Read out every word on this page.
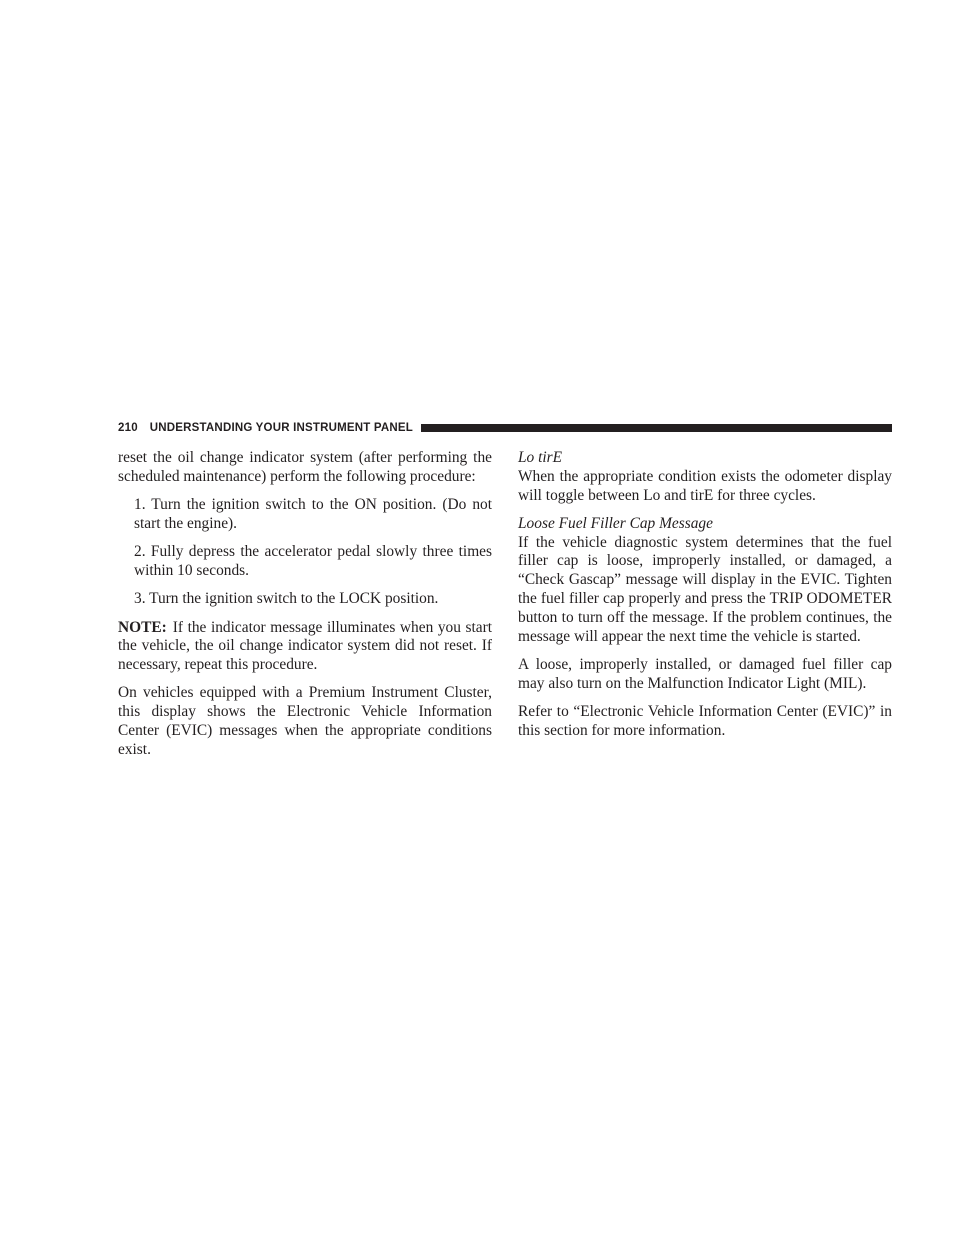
210 UNDERSTANDING YOUR INSTRUMENT PANEL

reset the oil change indicator system (after performing the scheduled maintenance) perform the following procedure:

1. Turn the ignition switch to the ON position. (Do not start the engine).

2. Fully depress the accelerator pedal slowly three times within 10 seconds.

3. Turn the ignition switch to the LOCK position.

NOTE: If the indicator message illuminates when you start the vehicle, the oil change indicator system did not reset. If necessary, repeat this procedure.

On vehicles equipped with a Premium Instrument Cluster, this display shows the Electronic Vehicle Information Center (EVIC) messages when the appropriate conditions exist.

Lo tirE

When the appropriate condition exists the odometer display will toggle between Lo and tirE for three cycles.

Loose Fuel Filler Cap Message

If the vehicle diagnostic system determines that the fuel filler cap is loose, improperly installed, or damaged, a “Check Gascap” message will display in the EVIC. Tighten the fuel filler cap properly and press the TRIP ODOMETER button to turn off the message. If the problem continues, the message will appear the next time the vehicle is started.

A loose, improperly installed, or damaged fuel filler cap may also turn on the Malfunction Indicator Light (MIL).

Refer to “Electronic Vehicle Information Center (EVIC)” in this section for more information.
